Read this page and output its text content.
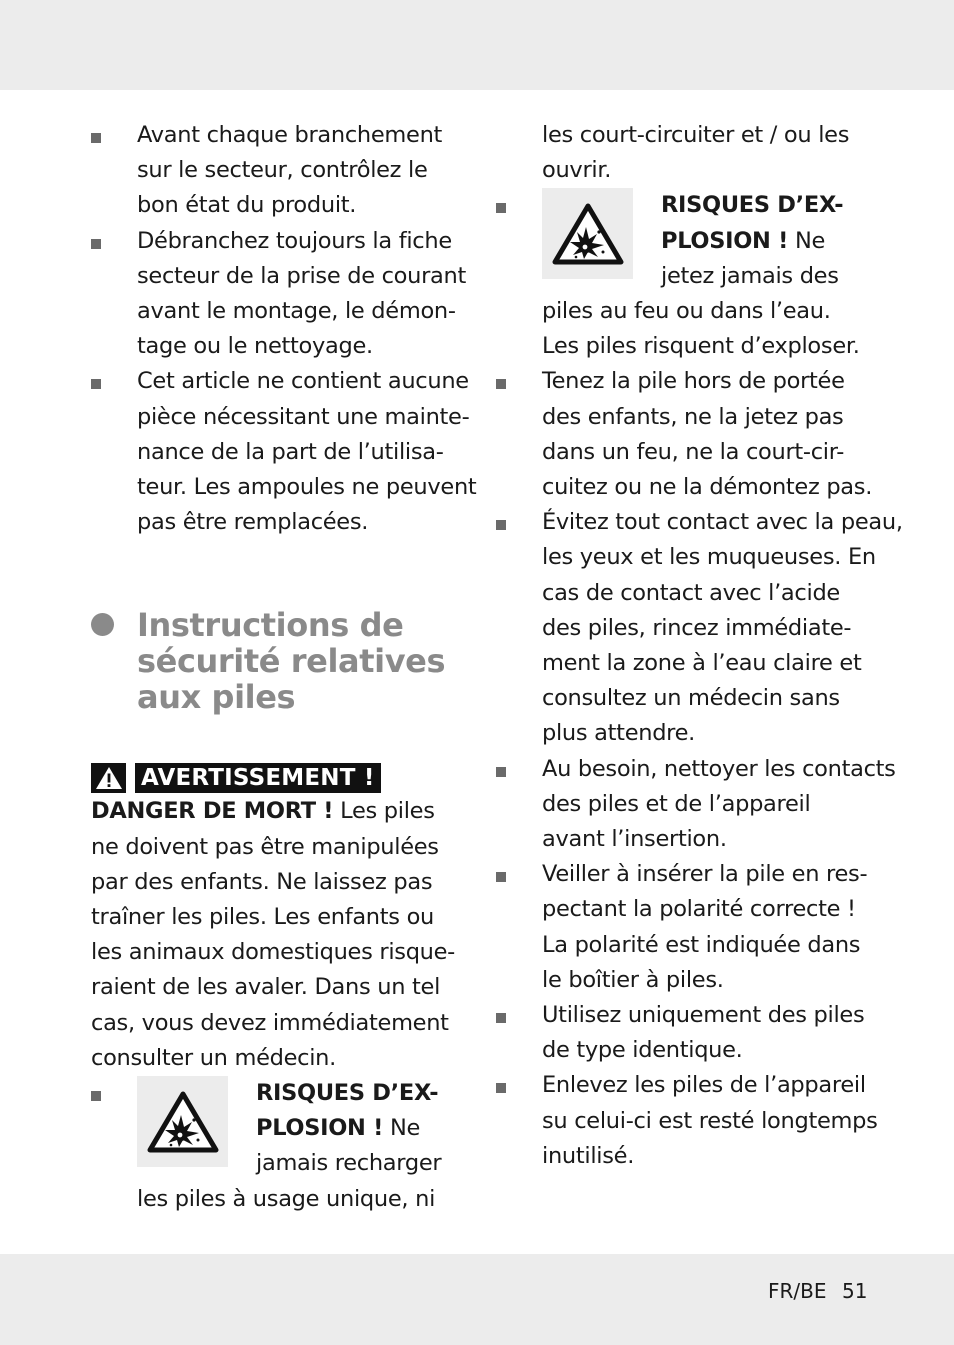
Avant chaque branchement
sur le secteur, contrôlez le
bon état du produit.
Débranchez toujours la fiche
secteur de la prise de courant
avant le montage, le démon-
tage ou le nettoyage.
Cet article ne contient aucune
pièce nécessitant une mainte-
nance de la part de l’utilisa-
teur. Les ampoules ne peuvent
pas être remplacées.
Instructions de
sécurité relatives
aux piles
AVERTISSEMENT !
DANGER DE MORT ! Les piles
ne doivent pas être manipulées
par des enfants. Ne laissez pas
traîner les piles. Les enfants ou
les animaux domestiques risque-
raient de les avaler. Dans un tel
cas, vous devez immédiatement
consulter un médecin.
RISQUES D’EX-
PLOSION ! Ne
jamais recharger
les piles à usage unique, ni
les court-circuiter et / ou les
ouvrir.
RISQUES D’EX-
PLOSION ! Ne
jetez jamais des
piles au feu ou dans l’eau.
Les piles risquent d’exploser.
Tenez la pile hors de portée
des enfants, ne la jetez pas
dans un feu, ne la court-cir-
cuitez ou ne la démontez pas.
Évitez tout contact avec la peau,
les yeux et les muqueuses. En
cas de contact avec l’acide
des piles, rincez immédiate-
ment la zone à l’eau claire et
consultez un médecin sans
plus attendre.
Au besoin, nettoyer les contacts
des piles et de l’appareil
avant l’insertion.
Veiller à insérer la pile en res-
pectant la polarité correcte !
La polarité est indiquée dans
le boîtier à piles.
Utilisez uniquement des piles
de type identique.
Enlevez les piles de l’appareil
su celui-ci est resté longtemps
inutilisé.
FR/BE 51
